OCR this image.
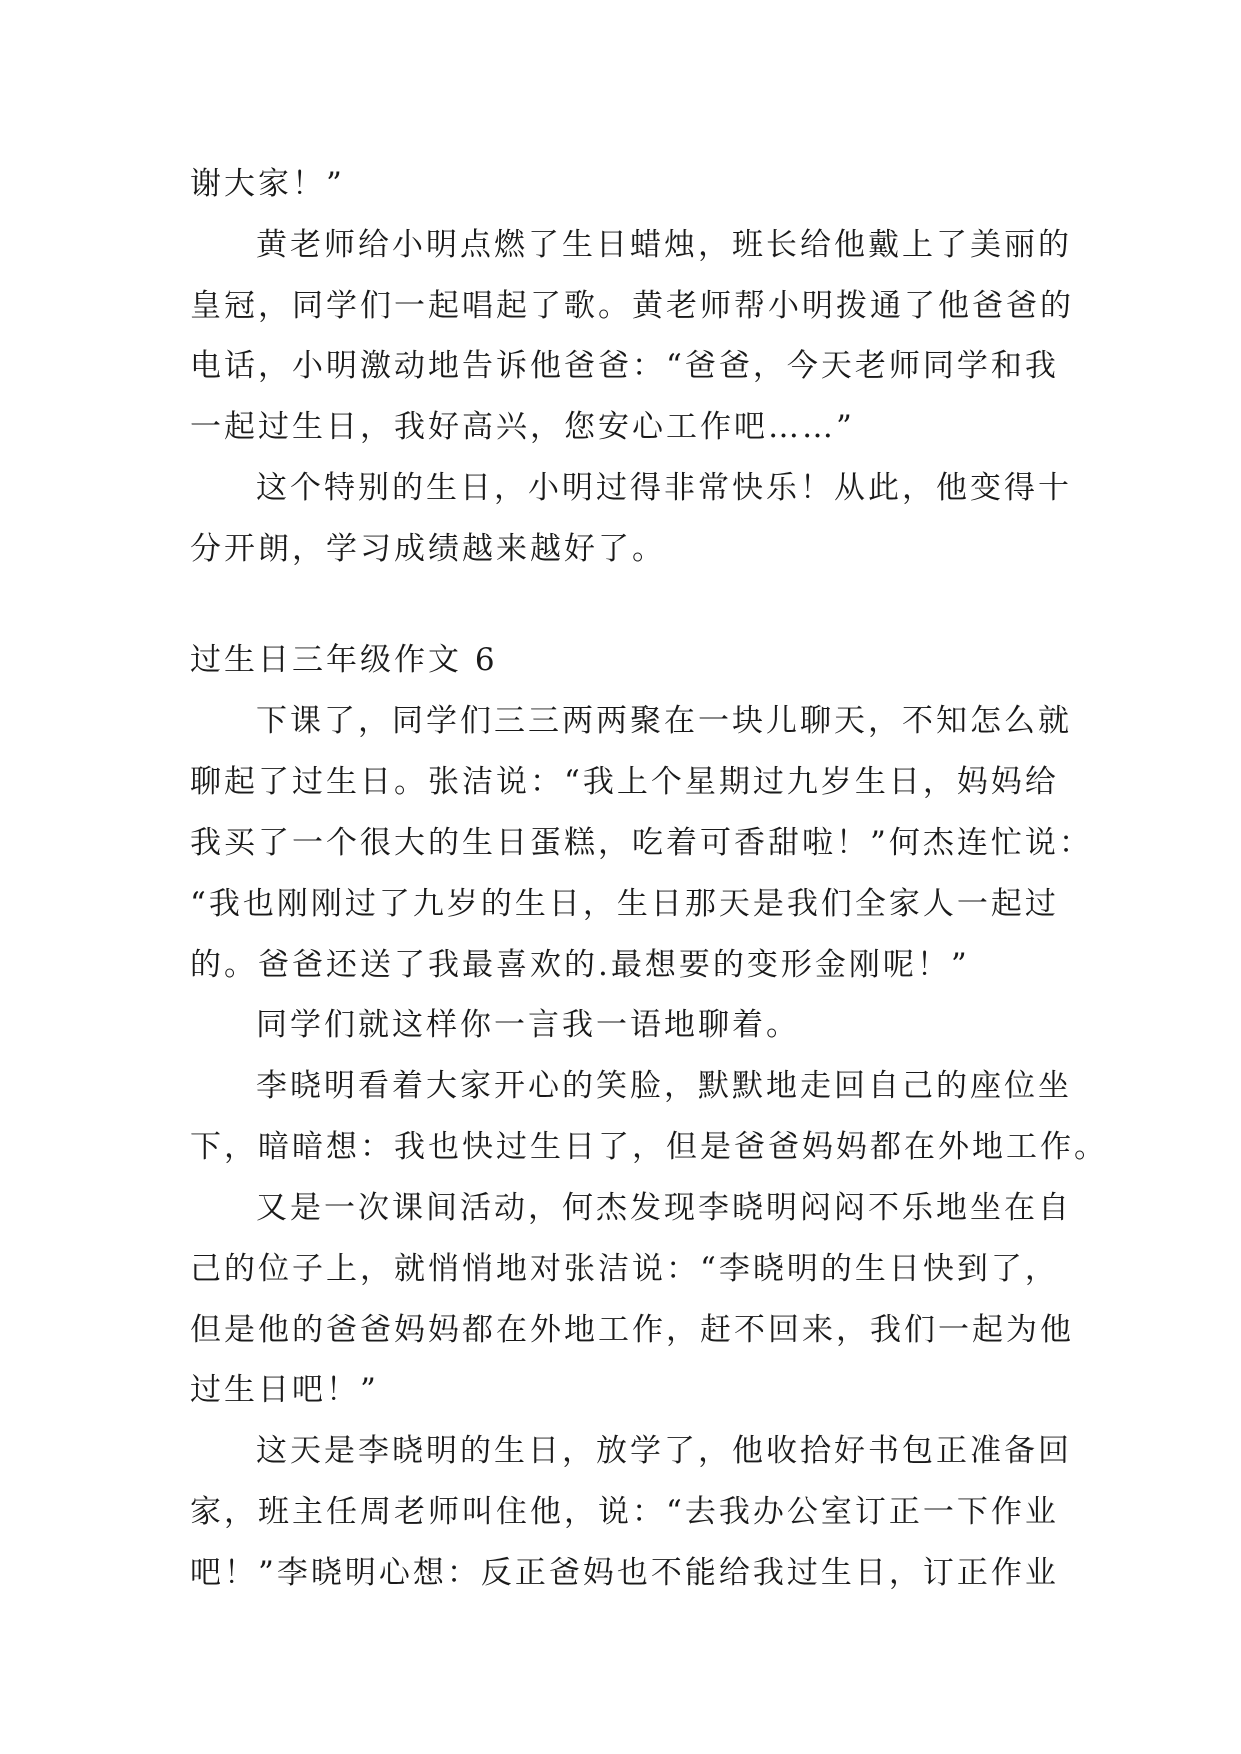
谢大家！”
黄老师给小明点燃了生日蜡烛，班长给他戴上了美丽的
皇冠，同学们一起唱起了歌。黄老师帮小明拨通了他爸爸的
电话，小明激动地告诉他爸爸：“爸爸，今天老师同学和我
一起过生日，我好高兴，您安心工作吧……”
这个特别的生日，小明过得非常快乐！从此，他变得十
分开朗，学习成绩越来越好了。
过生日三年级作文 6
下课了，同学们三三两两聚在一块儿聊天，不知怎么就
聊起了过生日。张洁说：“我上个星期过九岁生日，妈妈给
我买了一个很大的生日蛋糕，吃着可香甜啦！”何杰连忙说：
“我也刚刚过了九岁的生日，生日那天是我们全家人一起过
的。爸爸还送了我最喜欢的.最想要的变形金刚呢！”
同学们就这样你一言我一语地聊着。
李晓明看着大家开心的笑脸，默默地走回自己的座位坐
下，暗暗想：我也快过生日了，但是爸爸妈妈都在外地工作。
又是一次课间活动，何杰发现李晓明闷闷不乐地坐在自
己的位子上，就悄悄地对张洁说：“李晓明的生日快到了，
但是他的爸爸妈妈都在外地工作，赶不回来，我们一起为他
过生日吧！”
这天是李晓明的生日，放学了，他收拾好书包正准备回
家，班主任周老师叫住他，说：“去我办公室订正一下作业
吧！”李晓明心想：反正爸妈也不能给我过生日，订正作业
